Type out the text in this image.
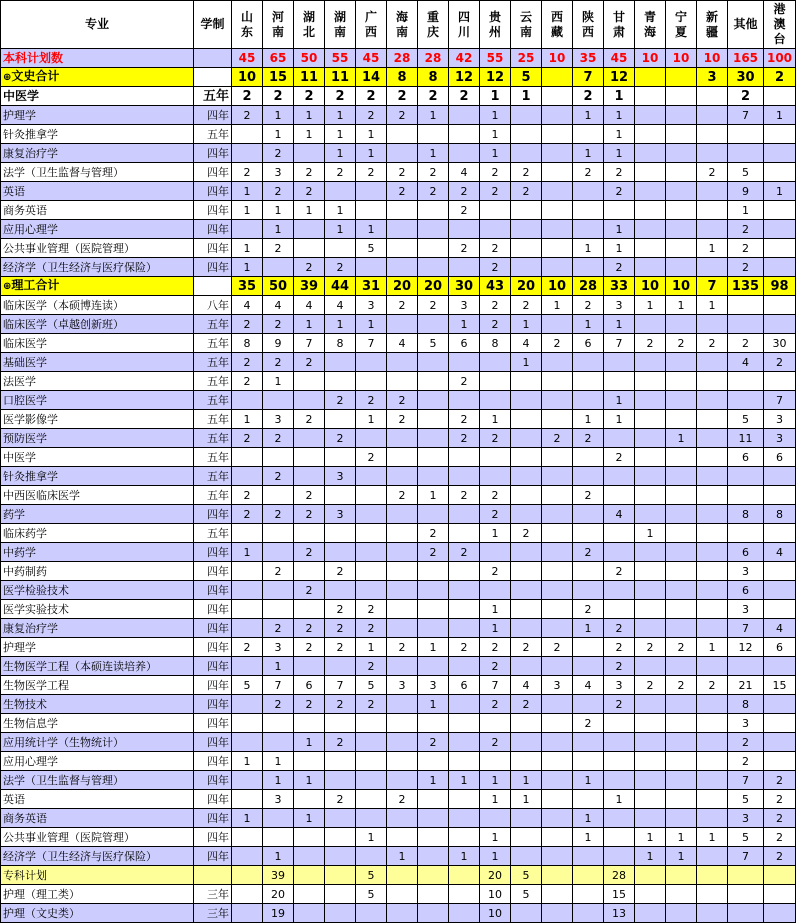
专业	学制	山东	河南	湖北	湖南	广西	海南	重庆	四川	贵州	云南	西藏	陕西	甘肃	青海	宁夏	新疆	其他	港澳台
本科计划数		45	65	50	55	45	28	28	42	55	25	10	35	45	10	10	10	165	100
⊕文史合计		10	15	11	11	14	8	8	12	12	5		7	12			3	30	2
中医学	五年	2	2	2	2	2	2	2	2	1	1		2	1				2	
护理学	四年	2	1	1	1	2	2	1		1			1	1				7	1
针灸推拿学	五年		1	1	1	1				1				1					
康复治疗学	四年		2		1	1		1		1			1	1					
法学（卫生监督与管理）	四年	2	3	2	2	2	2	2	4	2	2		2	2			2	5	
英语	四年	1	2	2			2	2	2	2	2			2				9	1
商务英语	四年	1	1	1	1				2									1	
应用心理学	四年		1		1	1								1				2	
公共事业管理（医院管理）	四年	1	2			5			2	2			1	1			1	2	
经济学（卫生经济与医疗保险）	四年	1		2	2					2				2				2	
⊕理工合计		35	50	39	44	31	20	20	30	43	20	10	28	33	10	10	7	135	98
临床医学（本硕博连读）	八年	4	4	4	4	3	2	2	3	2	2	1	2	3	1	1	1		
临床医学（卓越创新班）	五年	2	2	1	1	1			1	2	1		1	1					
临床医学	五年	8	9	7	8	7	4	5	6	8	4	2	6	7	2	2	2	2	30
基础医学	五年	2	2	2							1							4	2
法医学	五年	2	1						2										
口腔医学	五年				2	2	2							1					7
医学影像学	五年	1	3	2		1	2		2	1			1	1				5	3
预防医学	五年	2	2		2				2	2		2	2			1		11	3
中医学	五年					2								2				6	6
针灸推拿学	五年		2		3														
中西医临床医学	五年	2		2			2	1	2	2			2						
药学	四年	2	2	2	3					2				4				8	8
临床药学	五年							2		1	2				1				
中药学	四年	1		2				2	2				2					6	4
中药制药	四年		2		2					2				2				3	
医学检验技术	四年			2														6	
医学实验技术	四年				2	2				1			2					3	
康复治疗学	四年		2	2	2	2				1			1	2				7	4
护理学	四年	2	3	2	2	1	2	1	2	2	2	2		2	2	2	1	12	6
生物医学工程（本硕连读培养）	四年		1			2				2				2					
生物医学工程	四年	5	7	6	7	5	3	3	6	7	4	3	4	3	2	2	2	21	15
生物技术	四年		2	2	2	2		1		2	2			2				8	
生物信息学	四年												2					3	
应用统计学（生物统计）	四年			1	2			2		2								2	
应用心理学	四年	1	1															2	
法学（卫生监督与管理）	四年		1	1				1	1	1	1		1					7	2
英语	四年		3		2		2			1	1			1				5	2
商务英语	四年	1		1									1					3	2
公共事业管理（医院管理）	四年					1				1			1		1	1	1	5	2
经济学（卫生经济与医疗保险）	四年		1				1		1	1					1	1		7	2
专科计划			39			5				20	5			28					
护理（理工类）	三年		20			5				10	5			15					
护理（文史类）	三年		19							10				13					
